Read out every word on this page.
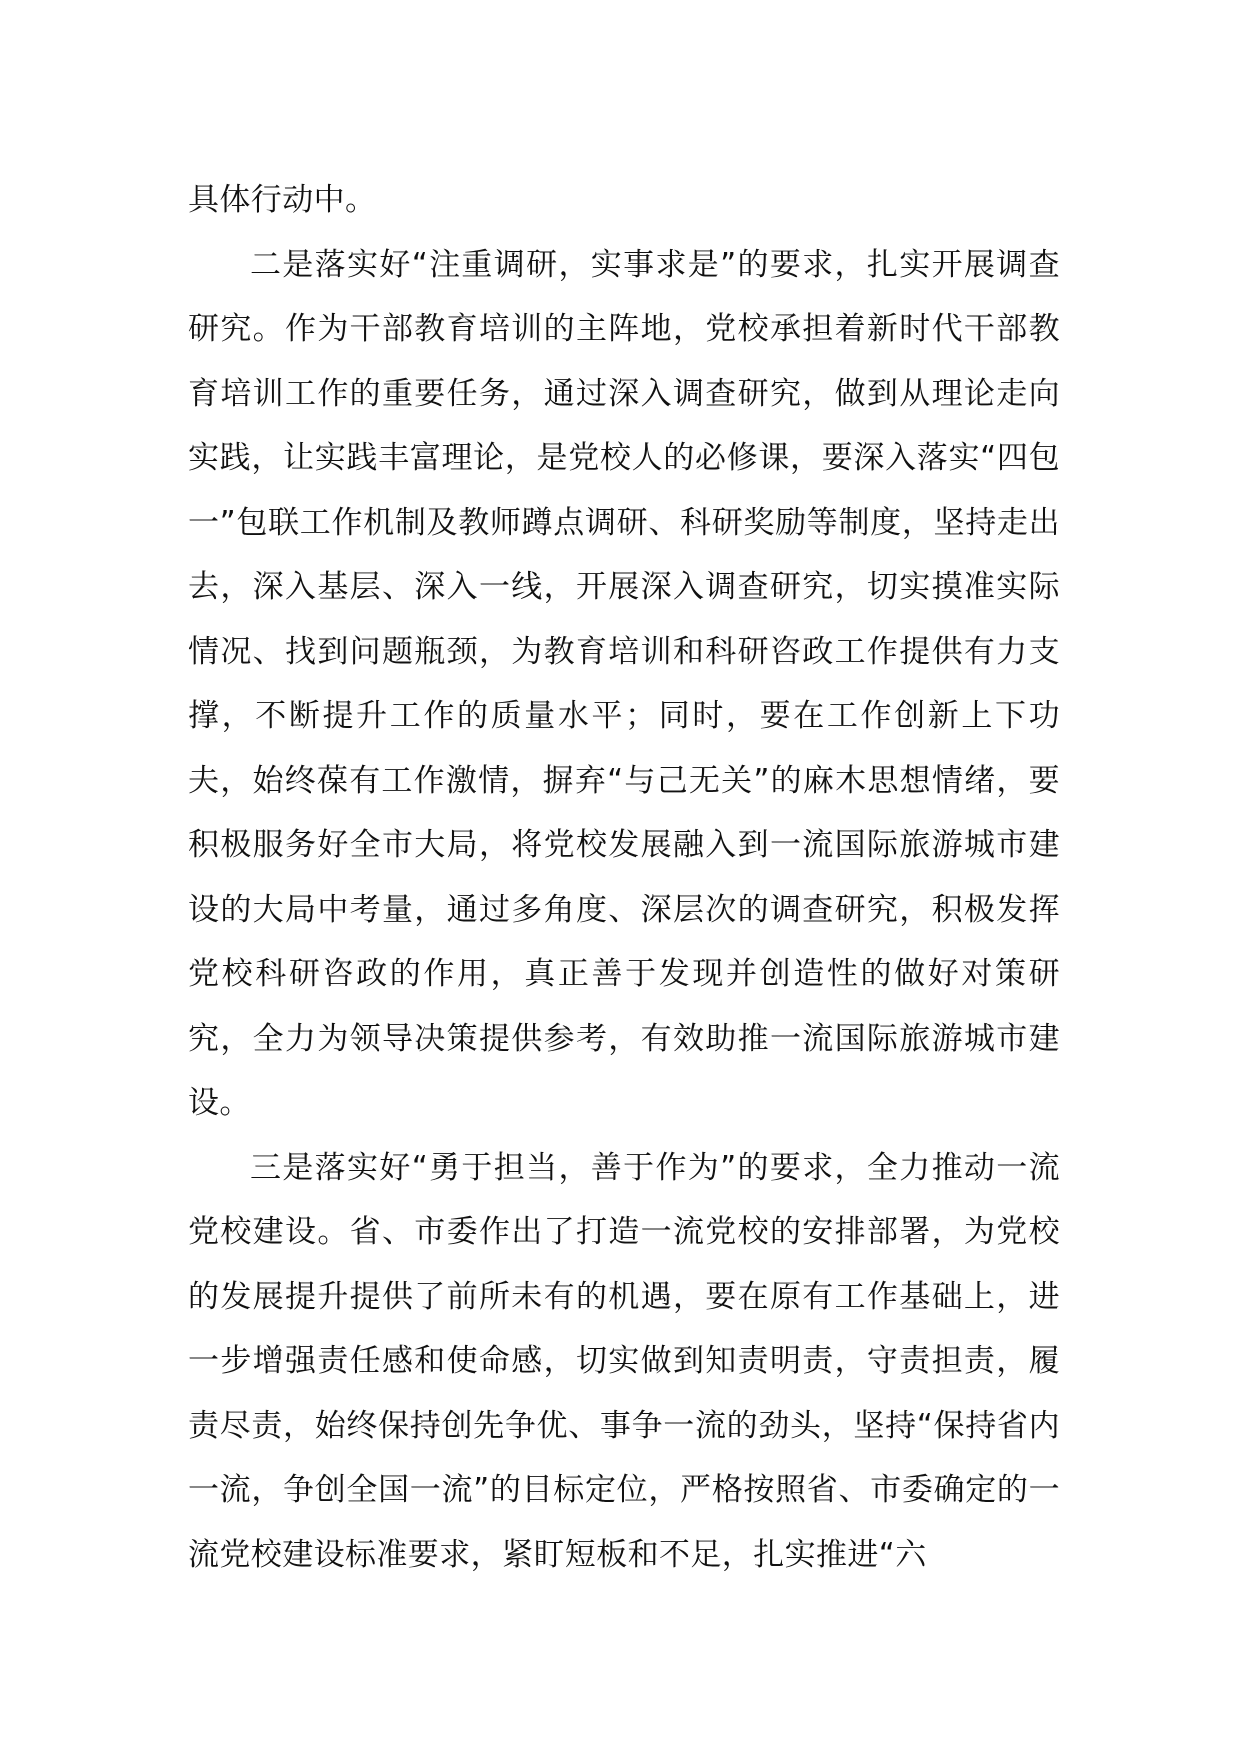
具体行动中。

二是落实好“注重调研，实事求是”的要求，扎实开展调查研究。作为干部教育培训的主阵地，党校承担着新时代干部教育培训工作的重要任务，通过深入调查研究，做到从理论走向实践，让实践丰富理论，是党校人的必修课，要深入落实“四包一”包联工作机制及教师蹲点调研、科研奖励等制度，坚持走出去，深入基层、深入一线，开展深入调查研究，切实摸准实际情况、找到问题瓶颈，为教育培训和科研咨政工作提供有力支撑，不断提升工作的质量水平；同时，要在工作创新上下功夫，始终葆有工作激情，摒弃“与己无关”的麻木思想情绪，要积极服务好全市大局，将党校发展融入到一流国际旅游城市建设的大局中考量，通过多角度、深层次的调查研究，积极发挥党校科研咨政的作用，真正善于发现并创造性的做好对策研究，全力为领导决策提供参考，有效助推一流国际旅游城市建设。

三是落实好“勇于担当，善于作为”的要求，全力推动一流党校建设。省、市委作出了打造一流党校的安排部署，为党校的发展提升提供了前所未有的机遇，要在原有工作基础上，进一步增强责任感和使命感，切实做到知责明责，守责担责，履责尽责，始终保持创先争优、事争一流的劲头，坚持“保持省内一流，争创全国一流”的目标定位，严格按照省、市委确定的一流党校建设标准要求，紧盯短板和不足，扎实推进“六
